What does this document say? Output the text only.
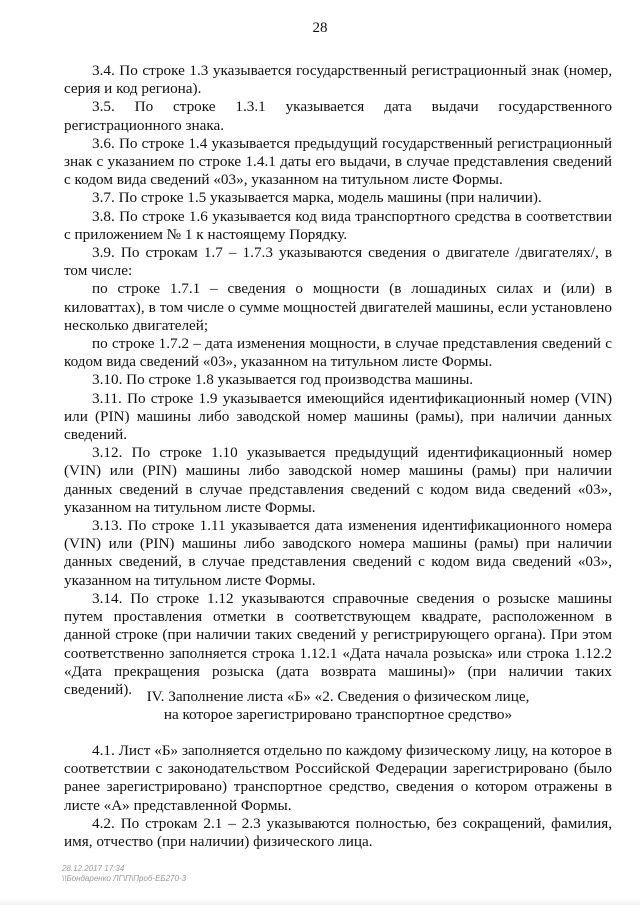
28

3.4. По строке 1.3 указывается государственный регистрационный знак (номер, серия и код региона).

3.5. По строке 1.3.1 указывается дата выдачи государственного регистрационного знака.

3.6. По строке 1.4 указывается предыдущий государственный регистрационный знак с указанием по строке 1.4.1 даты его выдачи, в случае представления сведений с кодом вида сведений «03», указанном на титульном листе Формы.

3.7. По строке 1.5 указывается марка, модель машины (при наличии).

3.8. По строке 1.6 указывается код вида транспортного средства в соответствии с приложением № 1 к настоящему Порядку.

3.9. По строкам 1.7 – 1.7.3 указываются сведения о двигателе /двигателях/, в том числе:

по строке 1.7.1 – сведения о мощности (в лошадиных силах и (или) в киловаттах), в том числе о сумме мощностей двигателей машины, если установлено несколько двигателей;

по строке 1.7.2 – дата изменения мощности, в случае представления сведений с кодом вида сведений «03», указанном на титульном листе Формы.

3.10. По строке 1.8 указывается год производства машины.

3.11. По строке 1.9 указывается имеющийся идентификационный номер (VIN) или (PIN) машины либо заводской номер машины (рамы), при наличии данных сведений.

3.12. По строке 1.10 указывается предыдущий идентификационный номер (VIN) или (PIN) машины либо заводской номер машины (рамы) при наличии данных сведений в случае представления сведений с кодом вида сведений «03», указанном на титульном листе Формы.

3.13. По строке 1.11 указывается дата изменения идентификационного номера (VIN) или (PIN) машины либо заводского номера машины (рамы) при наличии данных сведений, в случае представления сведений с кодом вида сведений «03», указанном на титульном листе Формы.

3.14. По строке 1.12 указываются справочные сведения о розыске машины путем проставления отметки в соответствующем квадрате, расположенном в данной строке (при наличии таких сведений у регистрирующего органа). При этом соответственно заполняется строка 1.12.1 «Дата начала розыска» или строка 1.12.2 «Дата прекращения розыска (дата возврата машины)» (при наличии таких сведений). IV. Заполнение листа «Б» «2. Сведения о физическом лице,
на которое зарегистрировано транспортное средство»

4.1. Лист «Б» заполняется отдельно по каждому физическому лицу, на которое в соответствии с законодательством Российской Федерации зарегистрировано (было ранее зарегистрировано) транспортное средство, сведения о котором отражены в листе «А» представленной Формы.

4.2. По строкам 2.1 – 2.3 указываются полностью, без сокращений, фамилия, имя, отчество (при наличии) физического лица.

28.12.2017 17:34
\\Бондаренко ЛГ\П\Проб-ЕБ270-3
